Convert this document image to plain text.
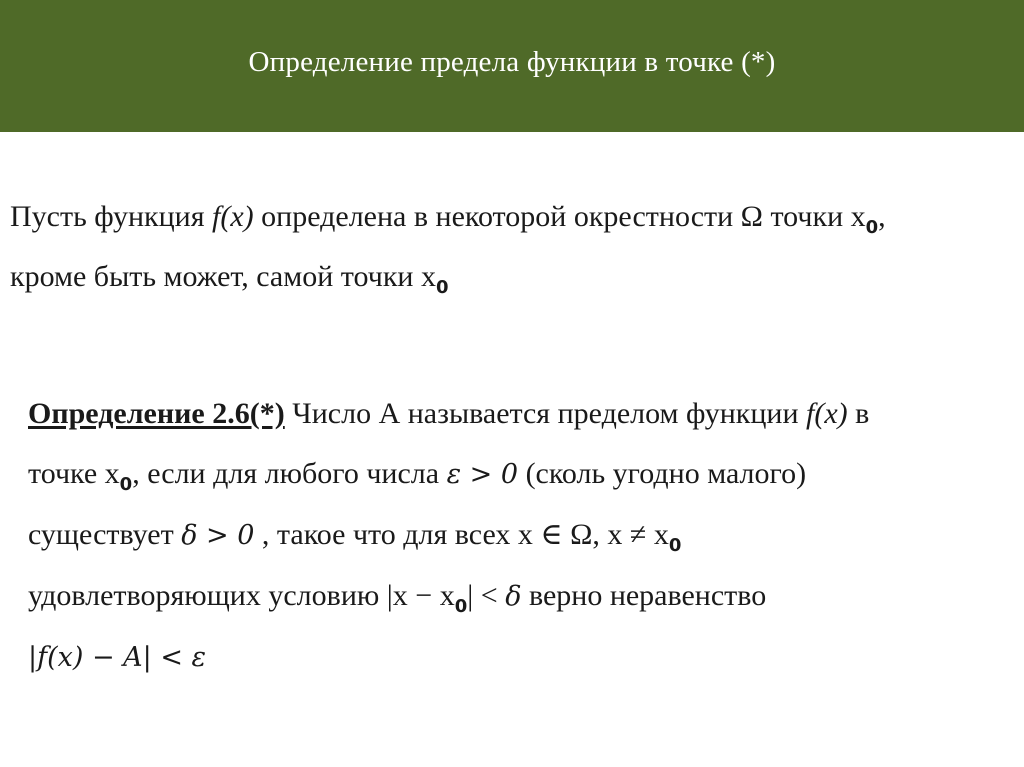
Определение предела функции в точке (*)
Пусть функция f(x) определена в некоторой окрестности Ω точки $x_0$,
кроме быть может, самой точки $x_0$
Определение 2.6(*) Число А называется пределом функции f(x) в
точке $x_0$, если для любого числа ε > 0 (сколь угодно малого)
существует δ > 0 , такое что для всех x ∈ Ω, $x \ne x_0$
удовлетворяющих условию $|x - x_0| < \delta$ верно неравенство
|f(x) − A| < ε
